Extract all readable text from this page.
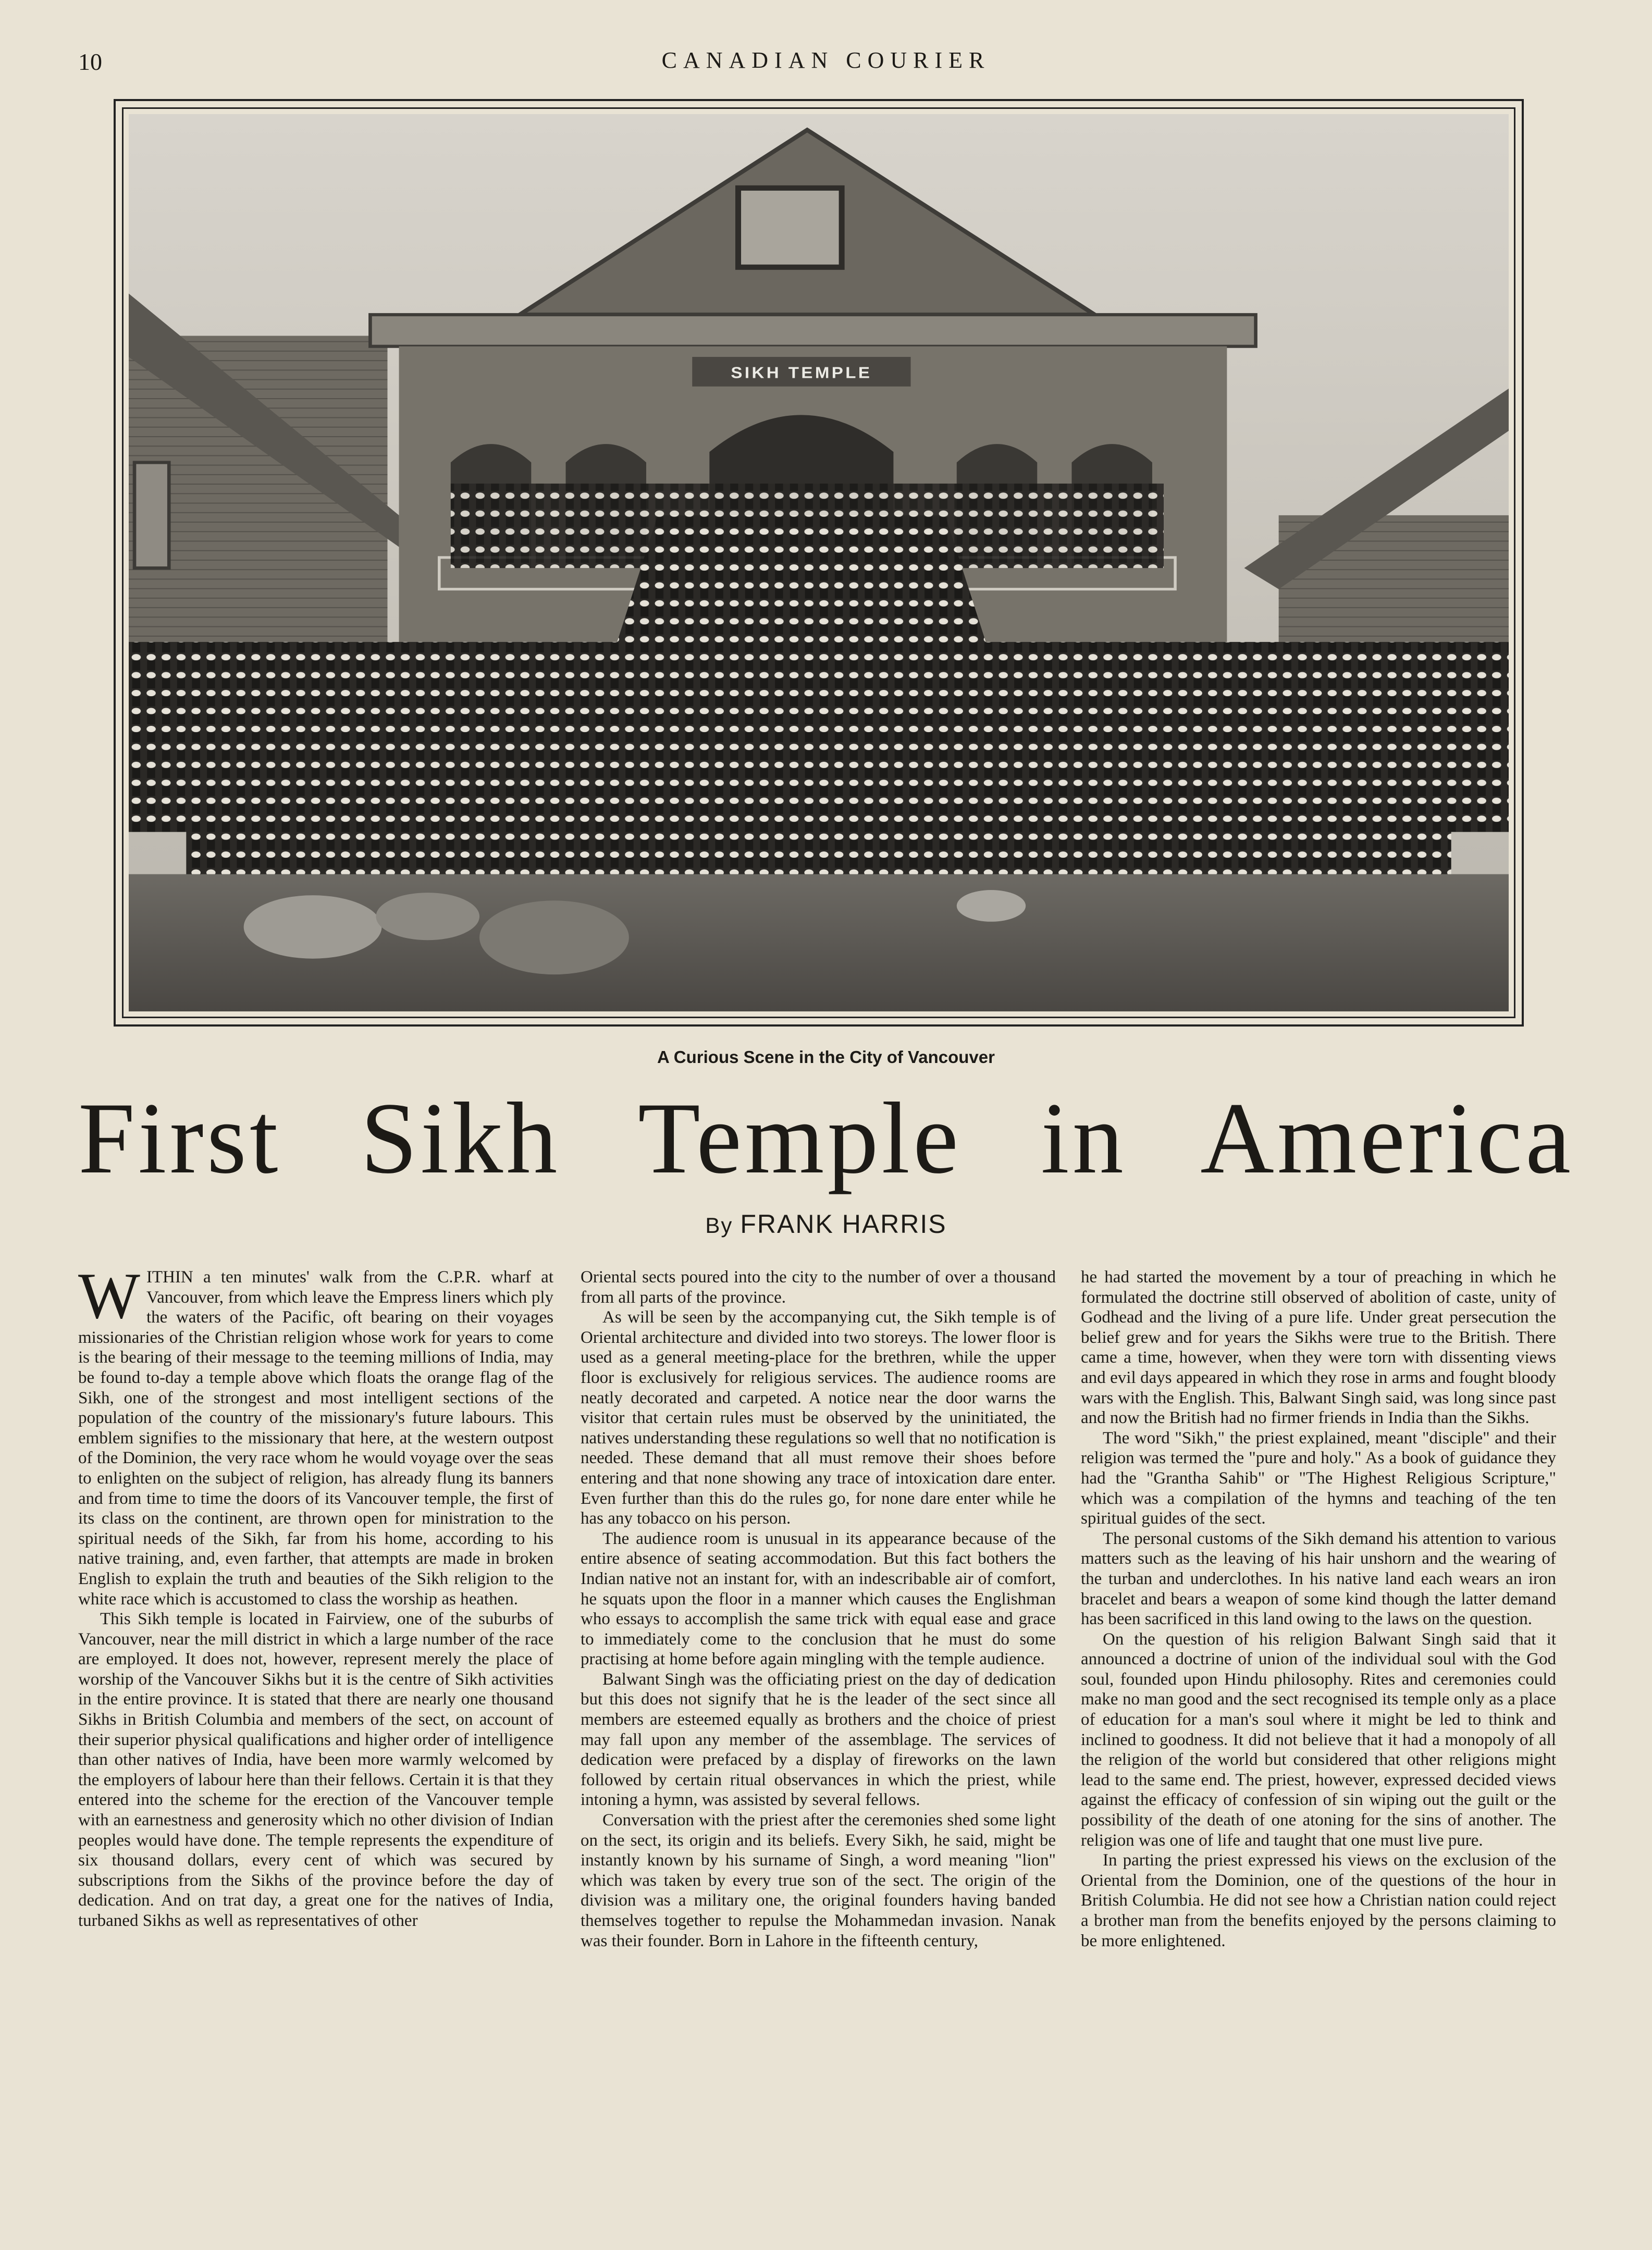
10	CANADIAN COURIER
SIKH TEMPLE
A Curious Scene in the City of Vancouver
First Sikh Temple in America
By FRANK HARRIS

WITHIN a ten minutes' walk from the C.P.R. wharf at Vancouver, from which leave the Empress liners which ply the waters of the Pacific, oft bearing on their voyages missionaries of the Christian religion whose work for years to come is the bearing of their message to the teeming millions of India, may be found to-day a temple above which floats the orange flag of the Sikh, one of the strongest and most intelligent sections of the population of the country of the missionary's future labours. This emblem signifies to the missionary that here, at the western outpost of the Dominion, the very race whom he would voyage over the seas to enlighten on the subject of religion, has already flung its banners and from time to time the doors of its Vancouver temple, the first of its class on the continent, are thrown open for ministration to the spiritual needs of the Sikh, far from his home, according to his native training, and, even farther, that attempts are made in broken English to explain the truth and beauties of the Sikh religion to the white race which is accustomed to class the worship as heathen.

This Sikh temple is located in Fairview, one of the suburbs of Vancouver, near the mill district in which a large number of the race are employed. It does not, however, represent merely the place of worship of the Vancouver Sikhs but it is the centre of Sikh activities in the entire province. It is stated that there are nearly one thousand Sikhs in British Columbia and members of the sect, on account of their superior physical qualifications and higher order of intelligence than other natives of India, have been more warmly welcomed by the employers of labour here than their fellows. Certain it is that they entered into the scheme for the erection of the Vancouver temple with an earnestness and generosity which no other division of Indian peoples would have done. The temple represents the expenditure of six thousand dollars, every cent of which was secured by subscriptions from the Sikhs of the province before the day of dedication. And on trat day, a great one for the natives of India, turbaned Sikhs as well as representatives of other

Oriental sects poured into the city to the number of over a thousand from all parts of the province.

As will be seen by the accompanying cut, the Sikh temple is of Oriental architecture and divided into two storeys. The lower floor is used as a general meeting-place for the brethren, while the upper floor is exclusively for religious services. The audience rooms are neatly decorated and carpeted. A notice near the door warns the visitor that certain rules must be observed by the uninitiated, the natives understanding these regulations so well that no notification is needed. These demand that all must remove their shoes before entering and that none showing any trace of intoxication dare enter. Even further than this do the rules go, for none dare enter while he has any tobacco on his person.

The audience room is unusual in its appearance because of the entire absence of seating accommodation. But this fact bothers the Indian native not an instant for, with an indescribable air of comfort, he squats upon the floor in a manner which causes the Englishman who essays to accomplish the same trick with equal ease and grace to immediately come to the conclusion that he must do some practising at home before again mingling with the temple audience.

Balwant Singh was the officiating priest on the day of dedication but this does not signify that he is the leader of the sect since all members are esteemed equally as brothers and the choice of priest may fall upon any member of the assemblage. The services of dedication were prefaced by a display of fireworks on the lawn followed by certain ritual observances in which the priest, while intoning a hymn, was assisted by several fellows.

Conversation with the priest after the ceremonies shed some light on the sect, its origin and its beliefs. Every Sikh, he said, might be instantly known by his surname of Singh, a word meaning "lion" which was taken by every true son of the sect. The origin of the division was a military one, the original founders having banded themselves together to repulse the Mohammedan invasion. Nanak was their founder. Born in Lahore in the fifteenth century,

he had started the movement by a tour of preaching in which he formulated the doctrine still observed of abolition of caste, unity of Godhead and the living of a pure life. Under great persecution the belief grew and for years the Sikhs were true to the British. There came a time, however, when they were torn with dissenting views and evil days appeared in which they rose in arms and fought bloody wars with the English. This, Balwant Singh said, was long since past and now the British had no firmer friends in India than the Sikhs.

The word "Sikh," the priest explained, meant "disciple" and their religion was termed the "pure and holy." As a book of guidance they had the "Grantha Sahib" or "The Highest Religious Scripture," which was a compilation of the hymns and teaching of the ten spiritual guides of the sect.

The personal customs of the Sikh demand his attention to various matters such as the leaving of his hair unshorn and the wearing of the turban and underclothes. In his native land each wears an iron bracelet and bears a weapon of some kind though the latter demand has been sacrificed in this land owing to the laws on the question.

On the question of his religion Balwant Singh said that it announced a doctrine of union of the individual soul with the God soul, founded upon Hindu philosophy. Rites and ceremonies could make no man good and the sect recognised its temple only as a place of education for a man's soul where it might be led to think and inclined to goodness. It did not believe that it had a monopoly of all the religion of the world but considered that other religions might lead to the same end. The priest, however, expressed decided views against the efficacy of confession of sin wiping out the guilt or the possibility of the death of one atoning for the sins of another. The religion was one of life and taught that one must live pure.

In parting the priest expressed his views on the exclusion of the Oriental from the Dominion, one of the questions of the hour in British Columbia. He did not see how a Christian nation could reject a brother man from the benefits enjoyed by the persons claiming to be more enlightened.
